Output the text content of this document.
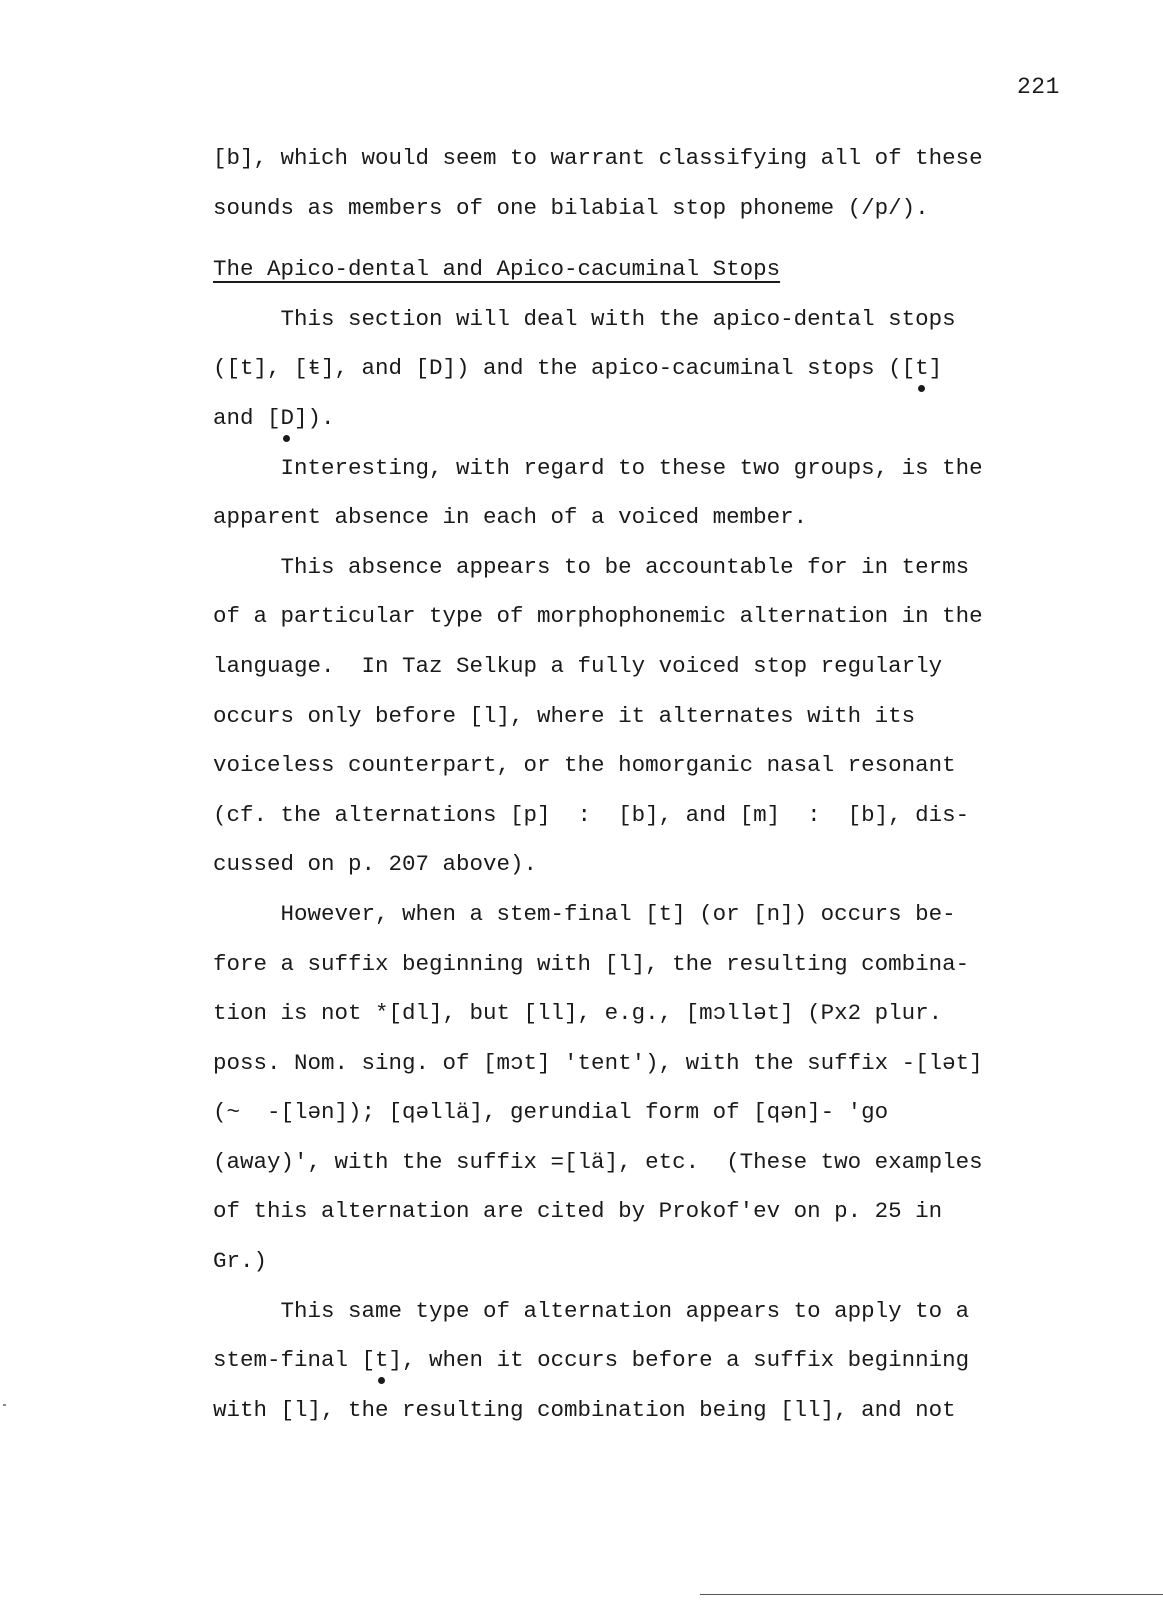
221
[b], which would seem to warrant classifying all of these
sounds as members of one bilabial stop phoneme (/p/).
The Apico-dental and Apico-cacuminal Stops
This section will deal with the apico-dental stops
([t], [ŧ], and [D]) and the apico-cacuminal stops ([t]
and [D]).
Interesting, with regard to these two groups, is the
apparent absence in each of a voiced member.
This absence appears to be accountable for in terms
of a particular type of morphophonemic alternation in the
language.  In Taz Selkup a fully voiced stop regularly
occurs only before [l], where it alternates with its
voiceless counterpart, or the homorganic nasal resonant
(cf. the alternations [p]  :  [b], and [m]  :  [b], dis-
cussed on p. 207 above).
However, when a stem-final [t] (or [n]) occurs be-
fore a suffix beginning with [l], the resulting combina-
tion is not *[dl], but [ll], e.g., [mɔllət] (Px2 plur.
poss. Nom. sing. of [mɔt] 'tent'), with the suffix -[lət]
(~  -[lən]); [qəllä], gerundial form of [qən]- 'go
(away)', with the suffix =[lä], etc.  (These two examples
of this alternation are cited by Prokof'ev on p. 25 in
Gr.)
This same type of alternation appears to apply to a
stem-final [t], when it occurs before a suffix beginning
with [l], the resulting combination being [ll], and not
